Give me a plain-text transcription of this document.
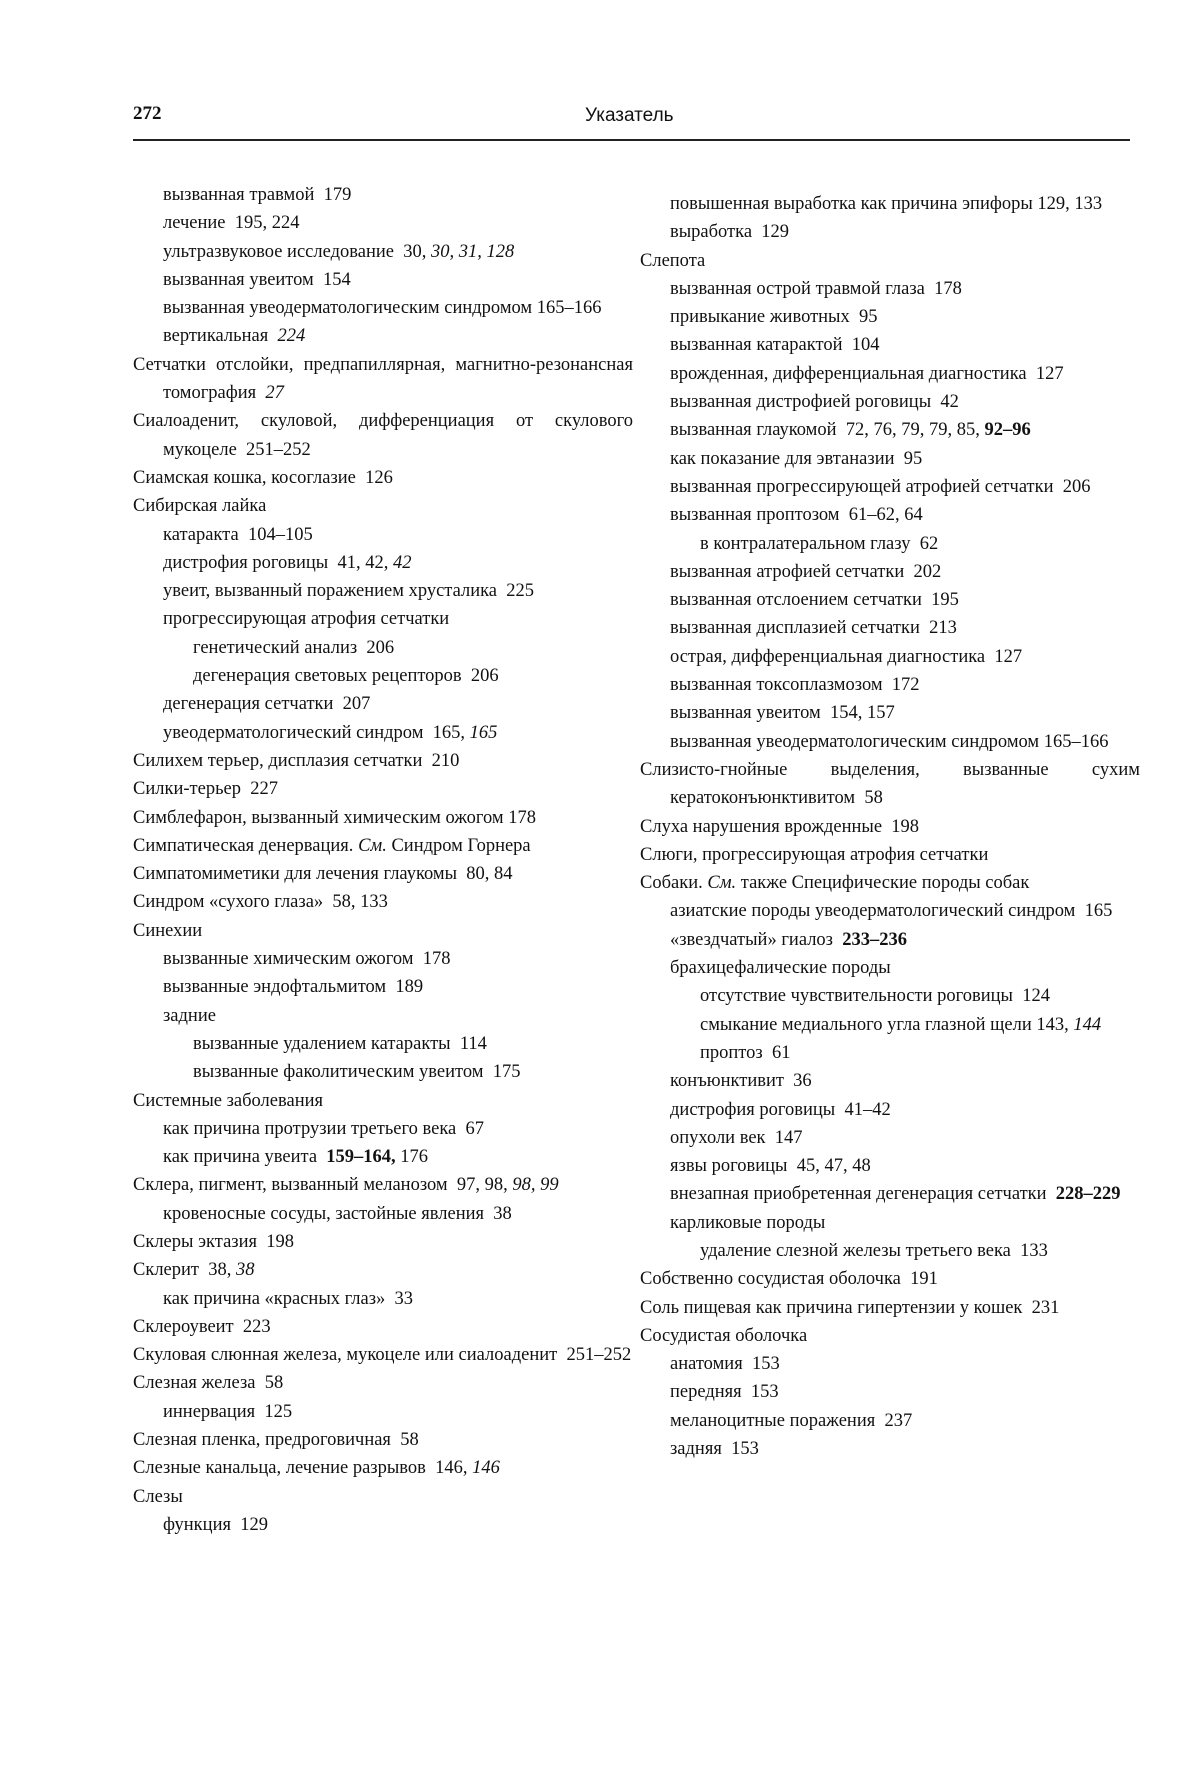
272	Указатель
вызванная травмой  179
лечение  195, 224
ультразвуковое исследование  30, 30, 31, 128
вызванная увеитом  154
вызванная увеодерматологическим синдромом 165–166
вертикальная  224
Сетчатки отслойки, предпапиллярная, магнитно-резонансная томография  27
Сиалоаденит, скуловой, дифференциация от скулового мукоцеле  251–252
Сиамская кошка, косоглазие  126
Сибирская лайка
катаракта  104–105
дистрофия роговицы  41, 42, 42
увеит, вызванный поражением хрусталика  225
прогрессирующая атрофия сетчатки
генетический анализ  206
дегенерация световых рецепторов  206
дегенерация сетчатки  207
увеодерматологический синдром  165, 165
Силихем терьер, дисплазия сетчатки  210
Силки-терьер  227
Симблефарон, вызванный химическим ожогом 178
Симпатическая денервация. См. Синдром Горнера
Симпатомиметики для лечения глаукомы  80, 84
Синдром «сухого глаза»  58, 133
Синехии
вызванные химическим ожогом  178
вызванные эндофтальмитом  189
задние
вызванные удалением катаракты  114
вызванные факолитическим увеитом  175
Системные заболевания
как причина протрузии третьего века  67
как причина увеита  159–164, 176
Склера, пигмент, вызванный меланозом  97, 98, 98, 99
кровеносные сосуды, застойные явления  38
Склеры эктазия  198
Склерит  38, 38
как причина «красных глаз»  33
Склероувеит  223
Скуловая слюнная железа, мукоцеле или сиалоаденит  251–252
Слезная железа  58
иннервация  125
Слезная пленка, предроговичная  58
Слезные канальца, лечение разрывов  146, 146
Слезы
функция  129
повышенная выработка как причина эпифоры 129, 133
выработка  129
Слепота
вызванная острой травмой глаза  178
привыкание животных  95
вызванная катарактой  104
врожденная, дифференциальная диагностика  127
вызванная дистрофией роговицы  42
вызванная глаукомой  72, 76, 79, 79, 85, 92–96
как показание для эвтаназии  95
вызванная прогрессирующей атрофией сетчатки  206
вызванная проптозом  61–62, 64
в контралатеральном глазу  62
вызванная атрофией сетчатки  202
вызванная отслоением сетчатки  195
вызванная дисплазией сетчатки  213
острая, дифференциальная диагностика  127
вызванная токсоплазмозом  172
вызванная увеитом  154, 157
вызванная увеодерматологическим синдромом 165–166
Слизисто-гнойные выделения, вызванные сухим кератоконъюнктивитом  58
Слуха нарушения врожденные  198
Слюги, прогрессирующая атрофия сетчатки
Собаки. См. также Специфические породы собак
азиатские породы увеодерматологический синдром  165
«звездчатый» гиалоз  233–236
брахицефалические породы
отсутствие чувствительности роговицы  124
смыкание медиального угла глазной щели 143, 144
проптоз  61
конъюнктивит  36
дистрофия роговицы  41–42
опухоли век  147
язвы роговицы  45, 47, 48
внезапная приобретенная дегенерация сетчатки  228–229
карликовые породы
удаление слезной железы третьего века  133
Собственно сосудистая оболочка  191
Соль пищевая как причина гипертензии у кошек  231
Сосудистая оболочка
анатомия  153
передняя  153
меланоцитные поражения  237
задняя  153
